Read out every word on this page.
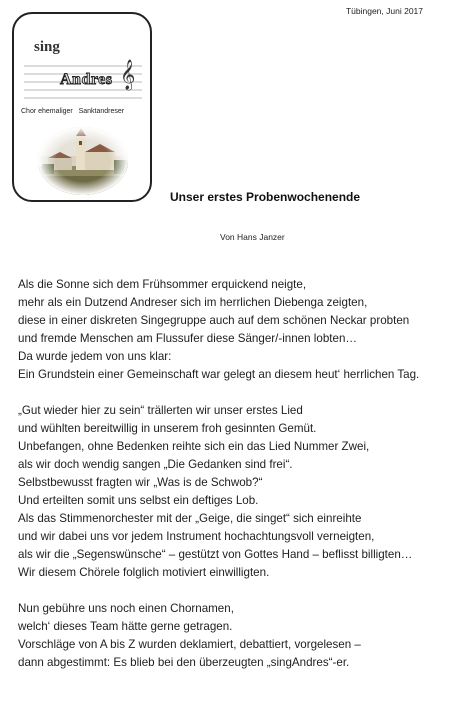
Tübingen, Juni 2017
sing
Andres 𝄞
Chor ehemaliger   Sanktandreser
Unser erstes Probenwochenende
Von Hans Janzer
Als die Sonne sich dem Frühsommer erquickend neigte,
mehr als ein Dutzend Andreser sich im herrlichen Diebenga zeigten,
diese in einer diskreten Singegruppe auch auf dem schönen Neckar probten
und fremde Menschen am Flussufer diese Sänger/-innen lobten…
Da wurde jedem von uns klar:
Ein Grundstein einer Gemeinschaft war gelegt an diesem heut‘ herrlichen Tag.
„Gut wieder hier zu sein“ trällerten wir unser erstes Lied
und wühlten bereitwillig in unserem froh gesinnten Gemüt.
Unbefangen, ohne Bedenken reihte sich ein das Lied Nummer Zwei,
als wir doch wendig sangen „Die Gedanken sind frei“.
Selbstbewusst fragten wir „Was is de Schwob?“
Und erteilten somit uns selbst ein deftiges Lob.
Als das Stimmenorchester mit der „Geige, die singet“ sich einreihte
und wir dabei uns vor jedem Instrument hochachtungsvoll verneigten,
als wir die „Segenswünsche“ – gestützt von Gottes Hand – beflisst billigten…
Wir diesem Chörele folglich motiviert einwilligten.
Nun gebühre uns noch einen Chornamen,
welch‘ dieses Team hätte gerne getragen.
Vorschläge von A bis Z wurden deklamiert, debattiert, vorgelesen –
dann abgestimmt: Es blieb bei den überzeugten „singAndres“-er.
